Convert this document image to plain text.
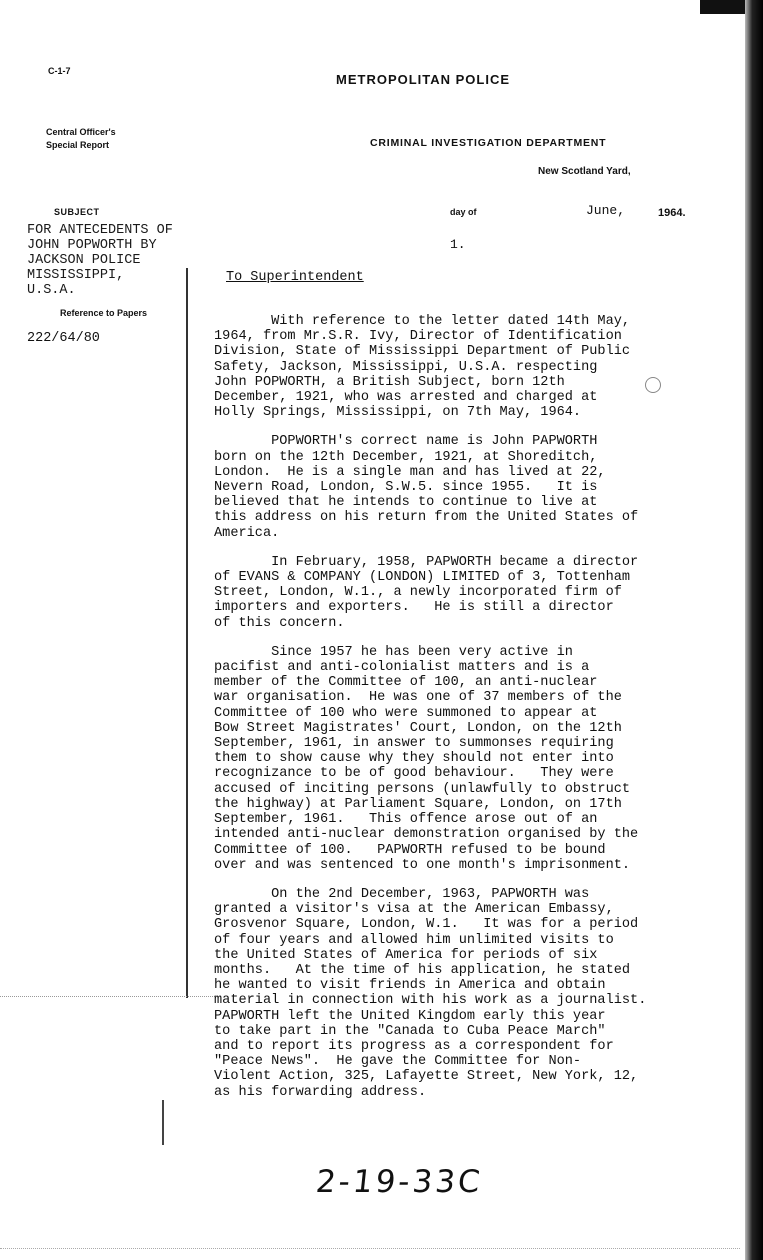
C-1-7
METROPOLITAN POLICE
Central Officer's
Special Report	CRIMINAL INVESTIGATION DEPARTMENT
New Scotland Yard,
SUBJECT
FOR ANTECEDENTS OF
JOHN POPWORTH BY
JACKSON POLICE
MISSISSIPPI,
U.S.A.
day of	June,	1964.
1.
To Superintendent
Reference to Papers
222/64/80

With reference to the letter dated 14th May,
1964, from Mr.S.R. Ivy, Director of Identification
Division, State of Mississippi Department of Public
Safety, Jackson, Mississippi, U.S.A. respecting
John POPWORTH, a British Subject, born 12th
December, 1921, who was arrested and charged at
Holly Springs, Mississippi, on 7th May, 1964.

POPWORTH's correct name is John PAPWORTH
born on the 12th December, 1921, at Shoreditch,
London.  He is a single man and has lived at 22,
Nevern Road, London, S.W.5. since 1955.   It is
believed that he intends to continue to live at
this address on his return from the United States of
America.

In February, 1958, PAPWORTH became a director
of EVANS & COMPANY (LONDON) LIMITED of 3, Tottenham
Street, London, W.1., a newly incorporated firm of
importers and exporters.   He is still a director
of this concern.

Since 1957 he has been very active in
pacifist and anti-colonialist matters and is a
member of the Committee of 100, an anti-nuclear
war organisation.  He was one of 37 members of the
Committee of 100 who were summoned to appear at
Bow Street Magistrates' Court, London, on the 12th
September, 1961, in answer to summonses requiring
them to show cause why they should not enter into
recognizance to be of good behaviour.   They were
accused of inciting persons (unlawfully to obstruct
the highway) at Parliament Square, London, on 17th
September, 1961.   This offence arose out of an
intended anti-nuclear demonstration organised by the
Committee of 100.   PAPWORTH refused to be bound
over and was sentenced to one month's imprisonment.

On the 2nd December, 1963, PAPWORTH was
granted a visitor's visa at the American Embassy,
Grosvenor Square, London, W.1.   It was for a period
of four years and allowed him unlimited visits to
the United States of America for periods of six
months.   At the time of his application, he stated
he wanted to visit friends in America and obtain
material in connection with his work as a journalist.
PAPWORTH left the United Kingdom early this year
to take part in the "Canada to Cuba Peace March"
and to report its progress as a correspondent for
"Peace News".  He gave the Committee for Non-
Violent Action, 325, Lafayette Street, New York, 12,
as his forwarding address.

2-19-33C
